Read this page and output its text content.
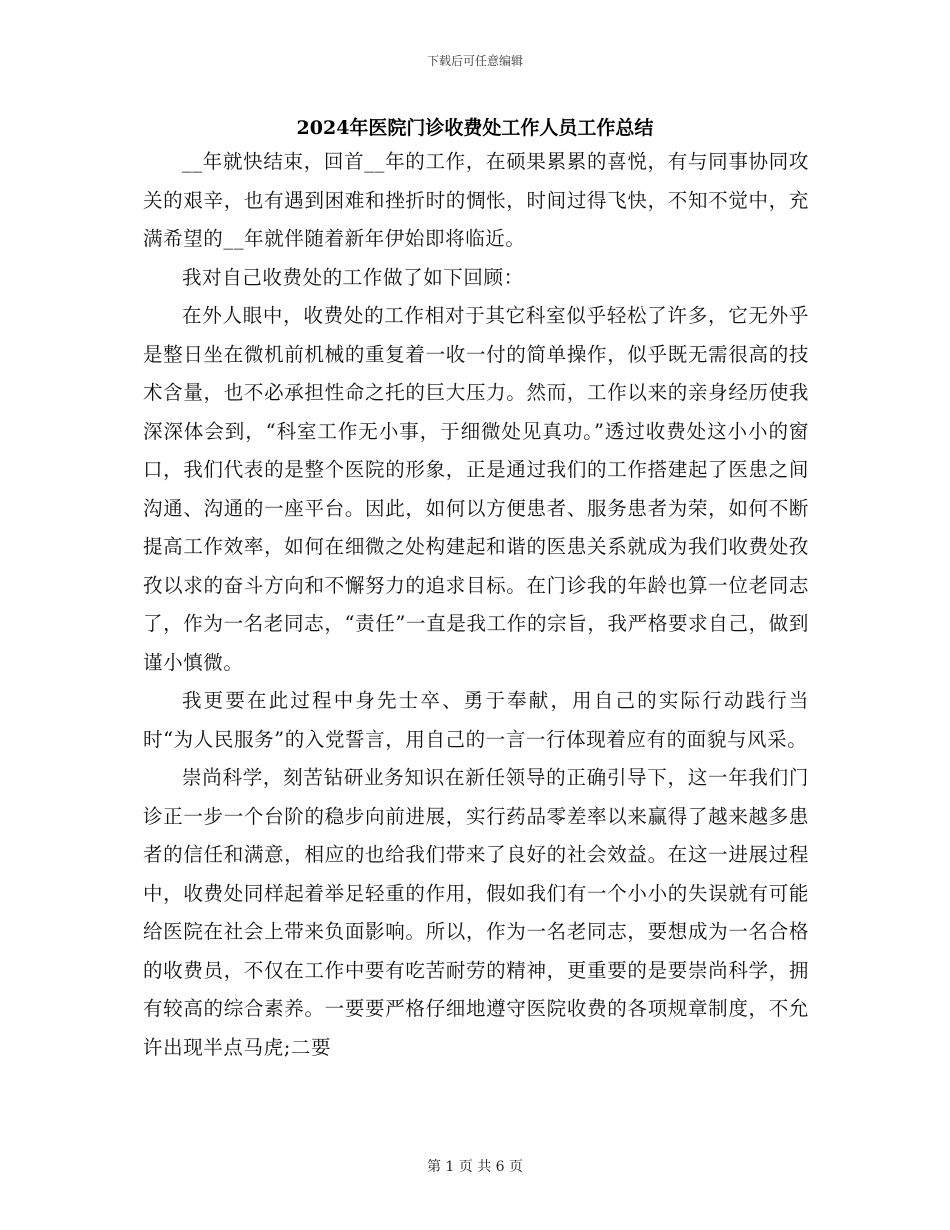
下载后可任意编辑
2024年医院门诊收费处工作人员工作总结

__年就快结束，回首__年的工作，在硕果累累的喜悦，有与同事协同攻关的艰辛，也有遇到困难和挫折时的惆怅，时间过得飞快，不知不觉中，充满希望的__年就伴随着新年伊始即将临近。

我对自己收费处的工作做了如下回顾：

在外人眼中，收费处的工作相对于其它科室似乎轻松了许多，它无外乎是整日坐在微机前机械的重复着一收一付的简单操作，似乎既无需很高的技术含量，也不必承担性命之托的巨大压力。然而，工作以来的亲身经历使我深深体会到，“科室工作无小事，于细微处见真功。”透过收费处这小小的窗口，我们代表的是整个医院的形象，正是通过我们的工作搭建起了医患之间沟通、沟通的一座平台。因此，如何以方便患者、服务患者为荣，如何不断提高工作效率，如何在细微之处构建起和谐的医患关系就成为我们收费处孜孜以求的奋斗方向和不懈努力的追求目标。在门诊我的年龄也算一位老同志了，作为一名老同志，“责任”一直是我工作的宗旨，我严格要求自己，做到谨小慎微。

我更要在此过程中身先士卒、勇于奉献，用自己的实际行动践行当时“为人民服务”的入党誓言，用自己的一言一行体现着应有的面貌与风采。

崇尚科学，刻苦钻研业务知识在新任领导的正确引导下，这一年我们门诊正一步一个台阶的稳步向前进展，实行药品零差率以来赢得了越来越多患者的信任和满意，相应的也给我们带来了良好的社会效益。在这一进展过程中，收费处同样起着举足轻重的作用，假如我们有一个小小的失误就有可能给医院在社会上带来负面影响。所以，作为一名老同志，要想成为一名合格的收费员，不仅在工作中要有吃苦耐劳的精神，更重要的是要崇尚科学，拥有较高的综合素养。一要要严格仔细地遵守医院收费的各项规章制度，不允许出现半点马虎;二要

第 1 页 共 6 页
